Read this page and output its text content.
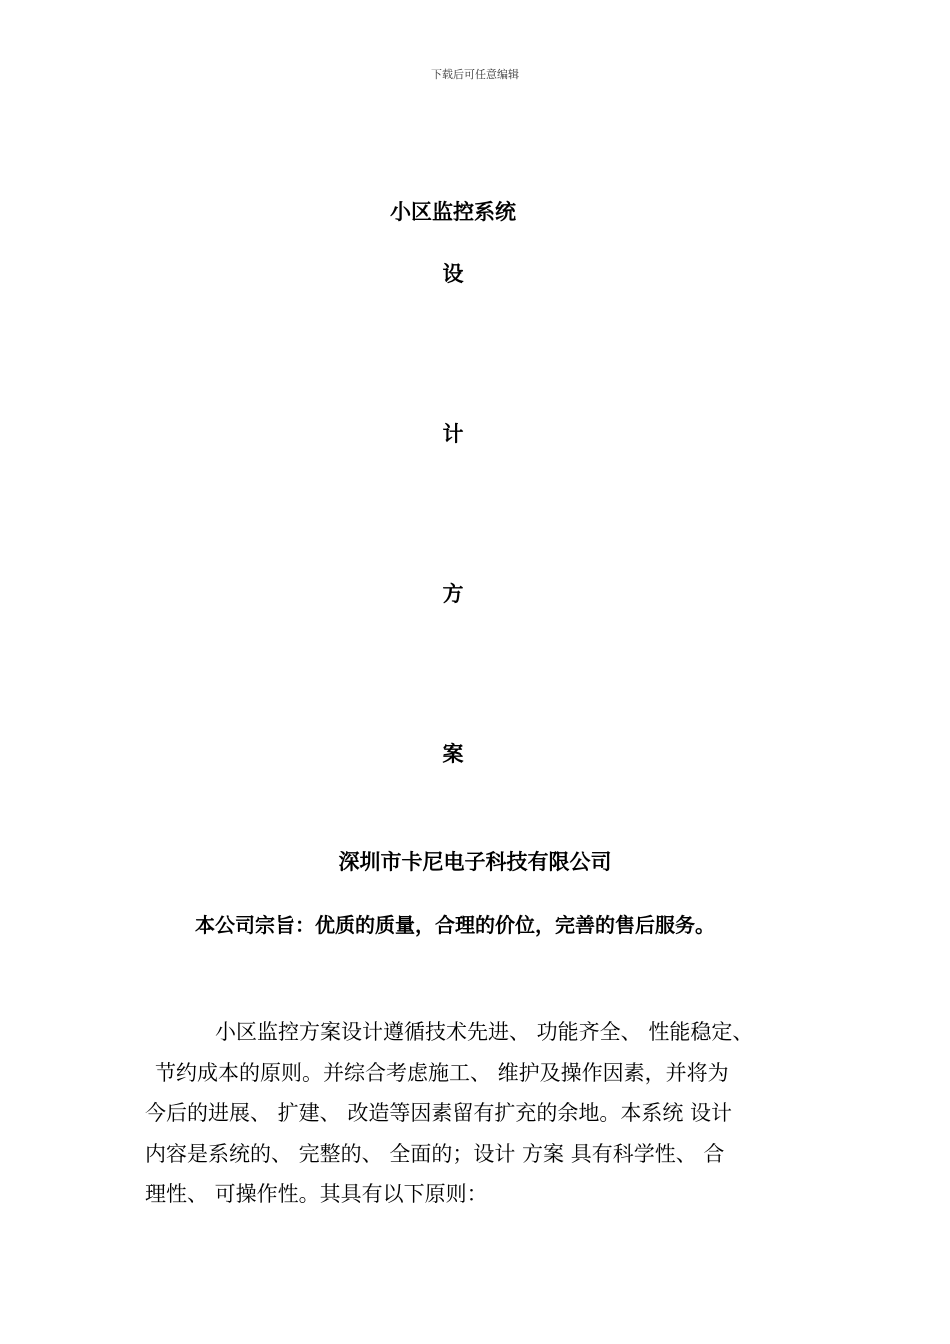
下载后可任意编辑
小区监控系统
设
计
方
案
深圳市卡尼电子科技有限公司
本公司宗旨：优质的质量，合理的价位，完善的售后服务。
小区监控方案设计遵循技术先进、 功能齐全、 性能稳定、
节约成本的原则。并综合考虑施工、 维护及操作因素，并将为
今后的进展、 扩建、 改造等因素留有扩充的余地。本系统 设计
内容是系统的、 完整的、 全面的；设计 方案 具有科学性、 合
理性、 可操作性。其具有以下原则：
